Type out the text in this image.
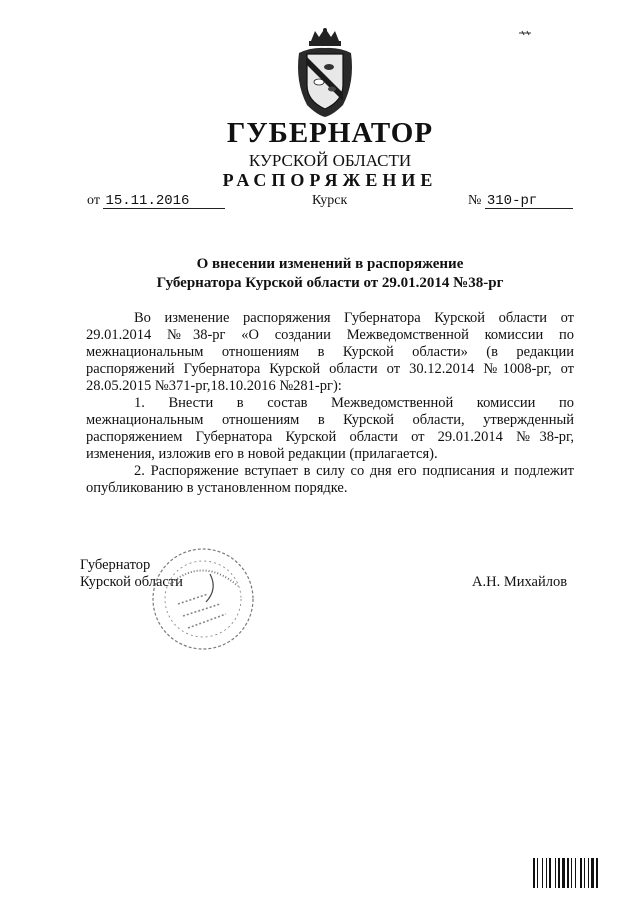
ГУБЕРНАТОР
КУРСКОЙ ОБЛАСТИ
РАСПОРЯЖЕНИЕ
от 15.11.2016	Курск	№ 310-рг
О внесении изменений в распоряжение
Губернатора Курской области от 29.01.2014 №38-рг

Во изменение распоряжения Губернатора Курской области от 29.01.2014 №38-рг «О создании Межведомственной комиссии по межнациональным отношениям в Курской области» (в редакции распоряжений Губернатора Курской области от 30.12.2014 №1008-рг, от 28.05.2015 №371-рг,18.10.2016 №281-рг):

1. Внести в состав Межведомственной комиссии по межнациональным отношениям в Курской области, утвержденный распоряжением Губернатора Курской области от 29.01.2014 №38-рг, изменения, изложив его в новой редакции (прилагается).

2. Распоряжение вступает в силу со дня его подписания и подлежит опубликованию в установленном порядке.

Губернатор
Курской области	А.Н. Михайлов
